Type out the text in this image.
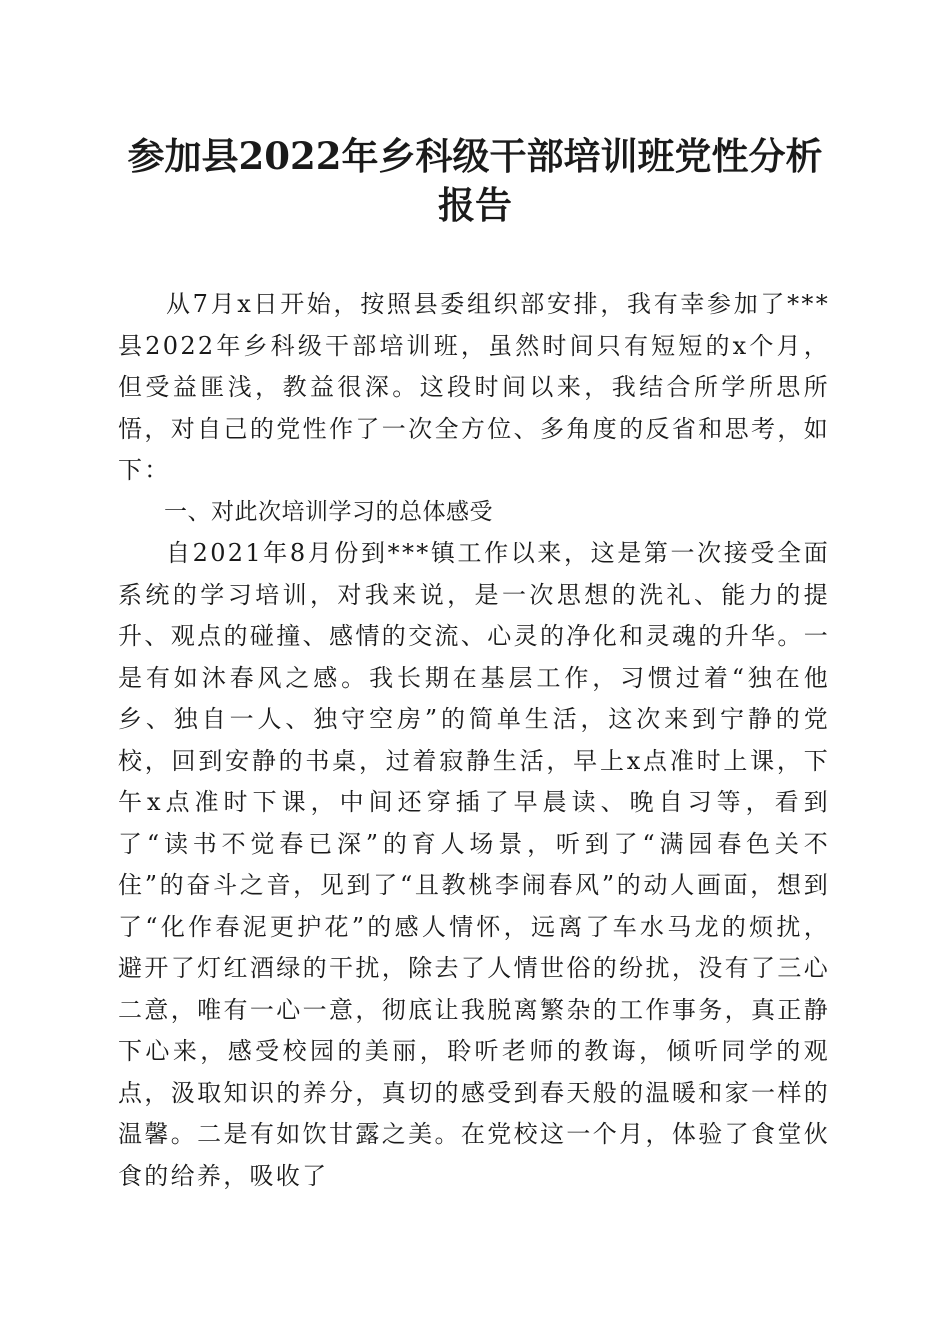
参加县2022年乡科级干部培训班党性分析报告

从7月x日开始，按照县委组织部安排，我有幸参加了***县2022年乡科级干部培训班，虽然时间只有短短的x个月，但受益匪浅，教益很深。这段时间以来，我结合所学所思所悟，对自己的党性作了一次全方位、多角度的反省和思考，如下：

一、对此次培训学习的总体感受

自2021年8月份到***镇工作以来，这是第一次接受全面系统的学习培训，对我来说，是一次思想的洗礼、能力的提升、观点的碰撞、感情的交流、心灵的净化和灵魂的升华。一是有如沐春风之感。我长期在基层工作，习惯过着“独在他乡、独自一人、独守空房”的简单生活，这次来到宁静的党校，回到安静的书桌，过着寂静生活，早上x点准时上课，下午x点准时下课，中间还穿插了早晨读、晚自习等，看到了“读书不觉春已深”的育人场景，听到了“满园春色关不住”的奋斗之音，见到了“且教桃李闹春风”的动人画面，想到了“化作春泥更护花”的感人情怀，远离了车水马龙的烦扰，避开了灯红酒绿的干扰，除去了人情世俗的纷扰，没有了三心二意，唯有一心一意，彻底让我脱离繁杂的工作事务，真正静下心来，感受校园的美丽，聆听老师的教诲，倾听同学的观点，汲取知识的养分，真切的感受到春天般的温暖和家一样的温馨。二是有如饮甘露之美。在党校这一个月，体验了食堂伙食的给养，吸收了
